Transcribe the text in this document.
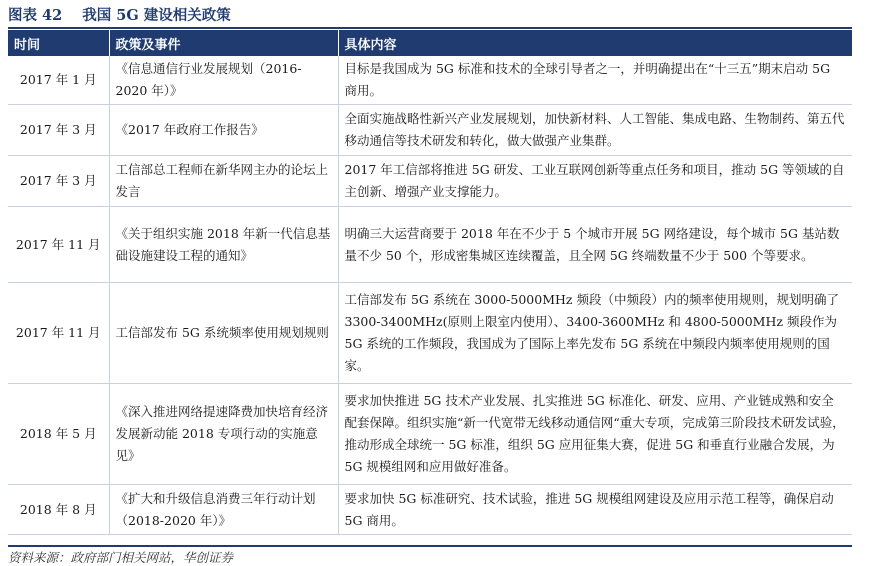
图表 42 我国 5G 建设相关政策
时间	政策及事件	具体内容
2017 年 1 月	《信息通信行业发展规划（2016-2020 年）》	目标是我国成为 5G 标准和技术的全球引导者之一，并明确提出在“十三五”期末启动 5G 商用。
2017 年 3 月	《2017 年政府工作报告》	全面实施战略性新兴产业发展规划，加快新材料、人工智能、集成电路、生物制药、第五代移动通信等技术研发和转化，做大做强产业集群。
2017 年 3 月	工信部总工程师在新华网主办的论坛上发言	2017 年工信部将推进 5G 研发、工业互联网创新等重点任务和项目，推动 5G 等领域的自主创新、增强产业支撑能力。
2017 年 11 月	《关于组织实施 2018 年新一代信息基础设施建设工程的通知》	明确三大运营商要于 2018 年在不少于 5 个城市开展 5G 网络建设，每个城市 5G 基站数量不少 50 个，形成密集城区连续覆盖，且全网 5G 终端数量不少于 500 个等要求。
2017 年 11 月	工信部发布 5G 系统频率使用规划规则	工信部发布 5G 系统在 3000-5000MHz 频段（中频段）内的频率使用规则，规划明确了 3300-3400MHz(原则上限室内使用）、3400-3600MHz 和 4800-5000MHz 频段作为 5G 系统的工作频段，我国成为了国际上率先发布 5G 系统在中频段内频率使用规则的国家。
2018 年 5 月	《深入推进网络提速降费加快培育经济发展新动能 2018 专项行动的实施意见》	要求加快推进 5G 技术产业发展、扎实推进 5G 标准化、研发、应用、产业链成熟和安全配套保障。组织实施“新一代宽带无线移动通信网“重大专项，完成第三阶段技术研发试验，推动形成全球统一 5G 标准，组织 5G 应用征集大赛，促进 5G 和垂直行业融合发展，为 5G 规模组网和应用做好准备。
2018 年 8 月	《扩大和升级信息消费三年行动计划（2018-2020 年）》	要求加快 5G 标准研究、技术试验，推进 5G 规模组网建设及应用示范工程等，确保启动 5G 商用。
资料来源：政府部门相关网站，华创证券
